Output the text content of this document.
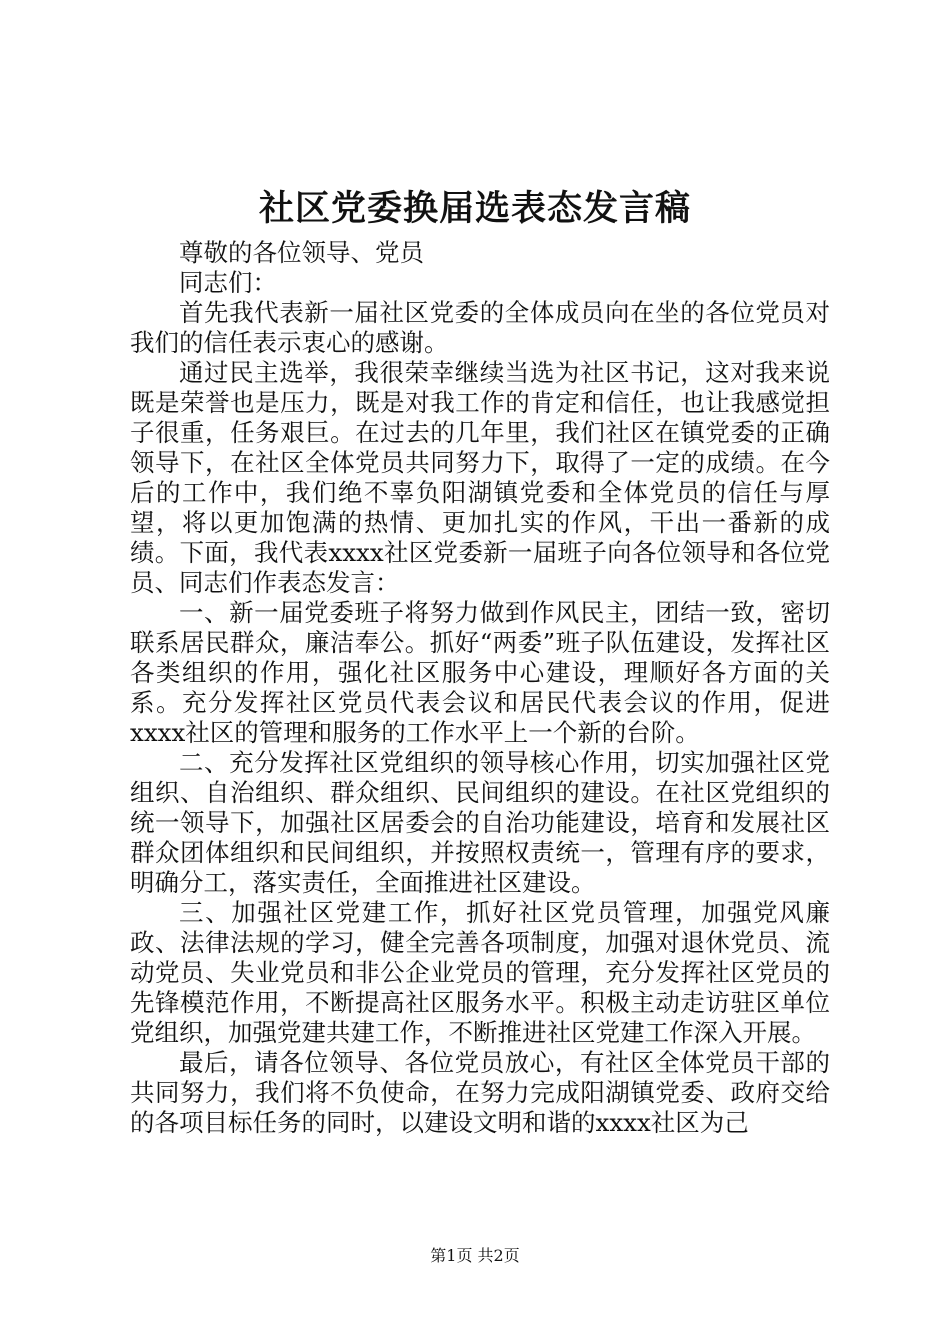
社区党委换届选表态发言稿

尊敬的各位领导、党员

同志们：

首先我代表新一届社区党委的全体成员向在坐的各位党员对我们的信任表示衷心的感谢。

通过民主选举，我很荣幸继续当选为社区书记，这对我来说既是荣誉也是压力，既是对我工作的肯定和信任，也让我感觉担子很重，任务艰巨。在过去的几年里，我们社区在镇党委的正确领导下，在社区全体党员共同努力下，取得了一定的成绩。在今后的工作中，我们绝不辜负阳湖镇党委和全体党员的信任与厚望，将以更加饱满的热情、更加扎实的作风，干出一番新的成绩。下面，我代表xxxx社区党委新一届班子向各位领导和各位党员、同志们作表态发言：

一、新一届党委班子将努力做到作风民主，团结一致，密切联系居民群众，廉洁奉公。抓好“两委”班子队伍建设，发挥社区各类组织的作用，强化社区服务中心建设，理顺好各方面的关系。充分发挥社区党员代表会议和居民代表会议的作用，促进xxxx社区的管理和服务的工作水平上一个新的台阶。

二、充分发挥社区党组织的领导核心作用，切实加强社区党组织、自治组织、群众组织、民间组织的建设。在社区党组织的统一领导下，加强社区居委会的自治功能建设，培育和发展社区群众团体组织和民间组织，并按照权责统一，管理有序的要求，明确分工，落实责任，全面推进社区建设。

三、加强社区党建工作，抓好社区党员管理，加强党风廉政、法律法规的学习，健全完善各项制度，加强对退休党员、流动党员、失业党员和非公企业党员的管理，充分发挥社区党员的先锋模范作用，不断提高社区服务水平。积极主动走访驻区单位党组织，加强党建共建工作，不断推进社区党建工作深入开展。

最后，请各位领导、各位党员放心，有社区全体党员干部的共同努力，我们将不负使命，在努力完成阳湖镇党委、政府交给的各项目标任务的同时，以建设文明和谐的xxxx社区为己

第1页 共2页
